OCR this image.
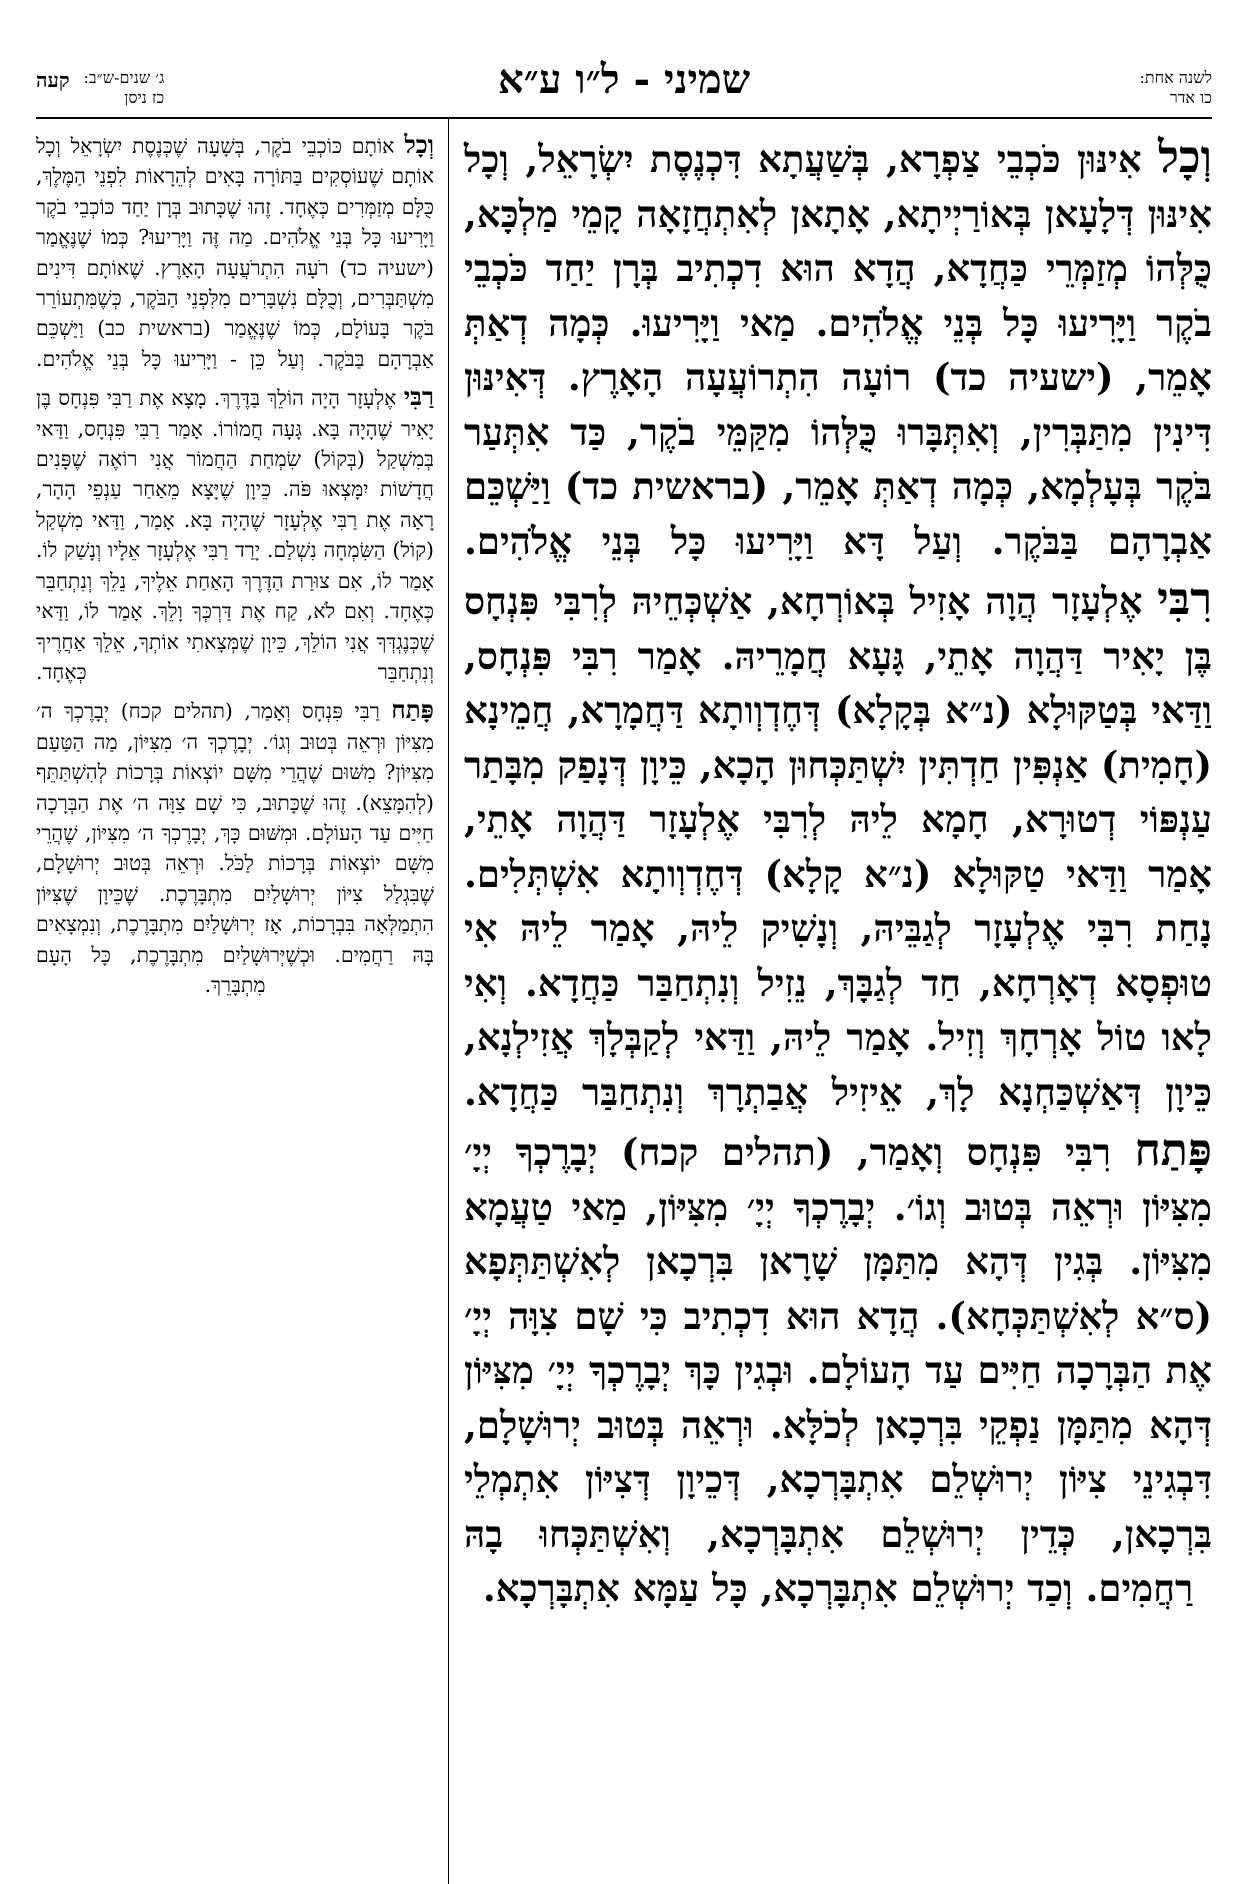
לשנה אחת:
כו אדר
שמיני - ל״ו ע״א
ג׳ שנים-ש״ב:
כז ניסן
קעה

וְכָל אִינּוּן כֹּכְבֵי צַפְרָא, בְּשַׁעֲתָא דִּכְנֶסֶת יִשְׂרָאֵל, וְכָל אִינּוּן דְּלָעָאן בְּאוֹרַיְיתָא, אָתָאן לְאִתְחֲזָאָה קָמֵי מַלְכָּא, כֻּלְּהוֹ מְזַמְּרֵי כַּחֲדָא, הֲדָא הוּא דִכְתִיב בְּרָן יַחַד כֹּכְבֵי בֹקֶר וַיָּרִיעוּ כָּל בְּנֵי אֱלֹהִים. מַאי וַיָּרִיעוּ. כְּמָה דְאַתְּ אָמֵר, (ישעיה כד) רוֹעָה הִתְרוֹעֲעָה הָאָרֶץ. דְּאִינּוּן דִּינִין מִתַּבְּרִין, וְאִתְּבָּרוּ כֻּלְּהוֹ מִקַּמֵּי בֹקֶר, כַּד אִתְּעַר בֹּקֶר בְּעָלְמָא, כְּמָה דְאַתְּ אָמֵר, (בראשית כד) וַיַּשְׁכֵּם אַבְרָהָם בַּבֹּקֶר. וְעַל דָּא וַיָּרִיעוּ כָּל בְּנֵי אֱלֹהִים.

רִבִּי אֶלְעָזָר הֲוָה אָזִיל בְּאוֹרְחָא, אַשְׁכְּחֵיהּ לְרִבִּי פִּנְחָס בֶּן יָאִיר דַּהֲוָה אָתֵי, גָּעָא חֲמָרֵיהּ. אָמַר רִבִּי פִּנְחָס, וַדַּאי בְּטַקּוּלָא (נ״א בְּקָלָא) דְּחֶדְוְותָא דַּחֲמָרָא, חֲמֵינָא (חָמִית) אַנְפִּין חַדְתִּין יִשְׁתַּכְּחוּן הָכָא, כֵּיוָן דְּנָפַק מִבָּתַר עַנְפּוֹי דְטוּרָא, חָמָא לֵיהּ לְרִבִּי אֶלְעָזָר דַּהֲוָה אָתֵי, אָמַר וַדַּאי טַקּוּלָא (נ״א קָלָא) דְּחֶדְוְותָא אִשְׁתְּלִים. נָחַת רִבִּי אֶלְעָזָר לְגַבֵּיהּ, וְנָשִׁיק לֵיהּ, אָמַר לֵיהּ אִי טוּפְסָא דְאָרְחָא, חַד לְגַבָּךְ, נֵזִיל וְנִתְחַבַּר כַּחֲדָא. וְאִי לָאו טוֹל אָרְחָךְ וְזִיל. אָמַר לֵיהּ, וַדַּאי לְקַבְּלָךְ אֲזִילְנָא, כֵּיוָן דְּאַשְׁכַּחְנָא לָךְ, אֵיזִיל אֲבַתְרָךְ וְנִתְחַבַּר כַּחֲדָא.

פָּתַח רִבִּי פִּנְחָס וְאָמַר, (תהלים קכח) יְבָרֶכְךָ יְיָ׳ מִצִּיּוֹן וּרְאֵה בְּטוּב וְגוֹ׳. יְבָרֶכְךָ יְיָ׳ מִצִּיּוֹן, מַאי טַעֲמָא מִצִּיּוֹן. בְּגִין דְּהָא מִתַּמָּן שָׁרָאן בִּרְכָאן לְאִשְׁתַּתְּפָא (ס״א לְאִשְׁתַּכְּחָא). הֲדָא הוּא דִכְתִיב כִּי שָׁם צִוָּה יְיָ׳ אֶת הַבְּרָכָה חַיִּים עַד הָעוֹלָם. וּבְגִין כָּךְ יְבָרֶכְךָ יְיָ׳ מִצִּיּוֹן דְּהָא מִתַּמָּן נַפְקֵי בִּרְכָאן לְכֹלָּא. וּרְאֵה בְּטוּב יְרוּשָׁלָם, דִּבְגִינֵי צִיּוֹן יְרוּשְׁלֵם אִתְבָּרְכָא, דְּכֵיוָן דְּצִיּוֹן אִתְמְלֵי בִּרְכָאן, כְּדֵין יְרוּשְׁלֵם אִתְבָּרְכָא, וְאִשְׁתַּכְּחוּ בָהּ רַחֲמִים. וְכַד יְרוּשְׁלֵם אִתְבָּרְכָא, כָּל עַמָּא אִתְבָּרְכָא.

וְכָל אוֹתָם כּוֹכְבֵי בֹקֶר, בְּשָׁעָה שֶׁכְּנֶסֶת יִשְׂרָאֵל וְכָל אוֹתָם שֶׁעוֹסְקִים בַּתּוֹרָה בָּאִים לְהֵרָאוֹת לִפְנֵי הַמֶּלֶךְ, כֻּלָּם מְזַמְּרִים כְּאֶחָד. זֶהוּ שֶׁכָּתוּב בְּרָן יַחַד כּוֹכְבֵי בֹקֶר וַיָּרִיעוּ כָּל בְּנֵי אֱלֹהִים. מַה זֶּה וַיָּרִיעוּ? כְּמוֹ שֶׁנֶּאֱמַר (ישעיה כד) רֹעָה הִתְרֹעֲעָה הָאָרֶץ. שֶׁאוֹתָם דִּינִים מִשְׁתַּבְּרִים, וְכֻלָּם נִשְׁבָּרִים מִלִּפְנֵי הַבֹּקֶר, כְּשֶׁמִּתְעוֹרֵר בֹּקֶר בָּעוֹלָם, כְּמוֹ שֶׁנֶּאֱמַר (בראשית כב) וַיַּשְׁכֵּם אַבְרָהָם בַּבֹּקֶר. וְעַל כֵּן - וַיָּרִיעוּ כָּל בְּנֵי אֱלֹהִים.

רַבִּי אֶלְעָזָר הָיָה הוֹלֵךְ בַּדֶּרֶךְ. מָצָא אֶת רַבִּי פִּנְחָס בֶּן יָאִיר שֶׁהָיָה בָּא. גָּעָה חֲמוֹרוֹ. אָמַר רַבִּי פִּנְחָס, וַדַּאי בְּמִשְׁקַל (בְּקוֹל) שִׂמְחַת הַחֲמוֹר אֲנִי רוֹאֶה שֶׁפָּנִים חֲדָשׁוֹת יִמָּצְאוּ פֹּה. כֵּיוָן שֶׁיָּצָא מֵאַחַר עַנְפֵי הָהָר, רָאָה אֶת רַבִּי אֶלְעָזָר שֶׁהָיָה בָּא. אָמַר, וַדַּאי מִשְׁקַל (קוֹל) הַשִּׂמְחָה נִשְׁלַם. יָרַד רַבִּי אֶלְעָזָר אֵלָיו וְנָשַׁק לוֹ. אָמַר לוֹ, אִם צוּרַת הַדֶּרֶךְ הָאַחַת אֵלֶיךָ, נֵלֵךְ וְנִתְחַבֵּר כְּאֶחָד. וְאִם לֹא, קַח אֶת דַּרְכְּךָ וָלֵךְ. אָמַר לוֹ, וַדַּאי שֶׁכְּנֶגְדְּךָ אֲנִי הוֹלֵךְ, כֵּיוָן שֶׁמְּצָאתִי אוֹתְךָ, אֵלֵךְ אַחֲרֶיךָ וְנִתְחַבֵּר כְּאֶחָד.

פָּתַח רַבִּי פִּנְחָס וְאָמַר, (תהלים קכח) יְבָרֶכְךָ ה׳ מִצִּיּוֹן וּרְאֵה בְּטוּב וְגוֹ׳. יְבָרֶכְךָ ה׳ מִצִּיּוֹן, מַה הַטַּעַם מִצִּיּוֹן? מִשּׁוּם שֶׁהֲרֵי מִשָּׁם יוֹצְאוֹת בְּרָכוֹת לְהִשְׁתַּתֵּף (לְהִמָּצֵא). זֶהוּ שֶׁכָּתוּב, כִּי שָׁם צִוָּה ה׳ אֶת הַבְּרָכָה חַיִּים עַד הָעוֹלָם. וּמִשּׁוּם כָּךְ, יְבָרֶכְךָ ה׳ מִצִּיּוֹן, שֶׁהֲרֵי מִשָּׁם יוֹצְאוֹת בְּרָכוֹת לַכֹּל. וּרְאֵה בְּטוּב יְרוּשָׁלָם, שֶׁבִּגְלַל צִיּוֹן יְרוּשָׁלַיִם מִתְבָּרֶכֶת. שֶׁכֵּיוָן שֶׁצִּיּוֹן הִתְמַלְּאָה בִּבְרָכוֹת, אָז יְרוּשָׁלַיִם מִתְבָּרֶכֶת, וְנִמְצָאִים בָּהּ רַחֲמִים. וּכְשֶׁיְּרוּשָׁלַיִם מִתְבָּרֶכֶת, כָּל הָעָם מִתְבָּרֵךְ.
